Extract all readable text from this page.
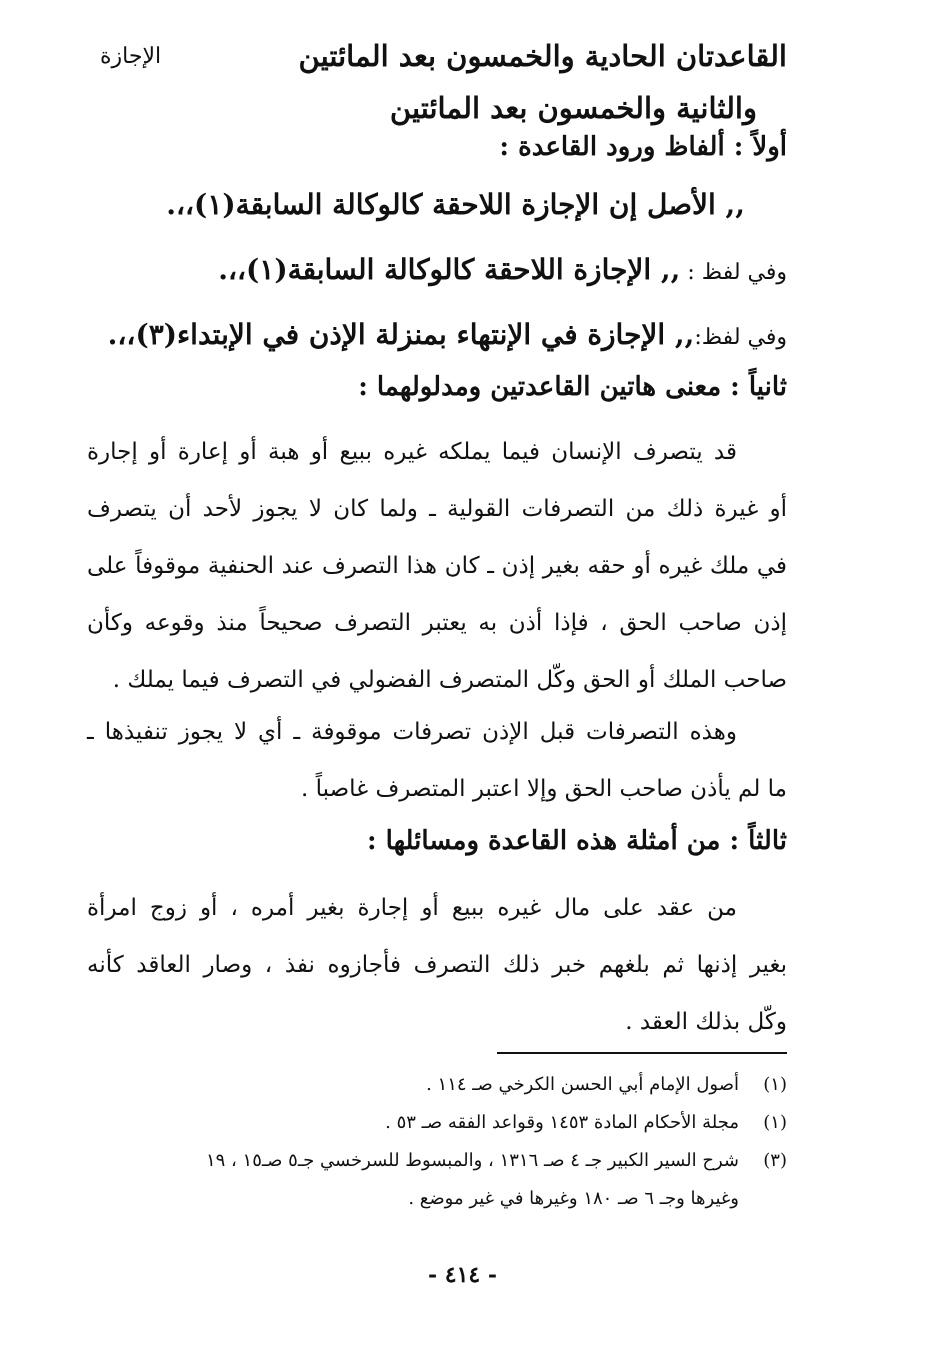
الإجازة	القاعدتان الحادية والخمسون بعد المائتين
والثانية والخمسون بعد المائتين
أولاً : ألفاظ ورود القاعدة :
,, الأصل إن الإجازة اللاحقة كالوكالة السابقة(١)،،.
وفي لفظ : ,, الإجازة اللاحقة كالوكالة السابقة(١)،،.
وفي لفظ:,, الإجازة في الإنتهاء بمنزلة الإذن في الإبتداء(٣)،،.
ثانياً : معنى هاتين القاعدتين ومدلولهما :
قد يتصرف الإنسان فيما يملكه غيره ببيع أو هبة أو إعارة أو إجارة
أو غيرة ذلك من التصرفات القولية ـ ولما كان لا يجوز لأحد أن يتصرف
في ملك غيره أو حقه بغير إذن ـ كان هذا التصرف عند الحنفية موقوفاً على
إذن صاحب الحق ، فإذا أذن به يعتبر التصرف صحيحاً منذ وقوعه وكأن
صاحب الملك أو الحق وكّل المتصرف الفضولي في التصرف فيما يملك .
وهذه التصرفات قبل الإذن تصرفات موقوفة ـ أي لا يجوز تنفيذها ـ
ما لم يأذن صاحب الحق وإلا اعتبر المتصرف غاصباً .
ثالثاً : من أمثلة هذه القاعدة ومسائلها :
من عقد على مال غيره ببيع أو إجارة بغير أمره ، أو زوج امرأة
بغير إذنها ثم بلغهم خبر ذلك التصرف فأجازوه نفذ ، وصار العاقد كأنه
وكّل بذلك العقد .
(١)
أصول الإمام أبي الحسن الكرخي صـ ١١٤ .
(١)
مجلة الأحكام المادة ١٤٥٣ وقواعد الفقه صـ ٥٣ .
(٣)
شرح السير الكبير جـ ٤ صـ ١٣١٦ ، والمبسوط للسرخسي جـ٥ صـ١٥ ، ١٩
وغيرها وجـ ٦ صـ ١٨٠ وغيرها في غير موضع .
- ٤١٤ -
